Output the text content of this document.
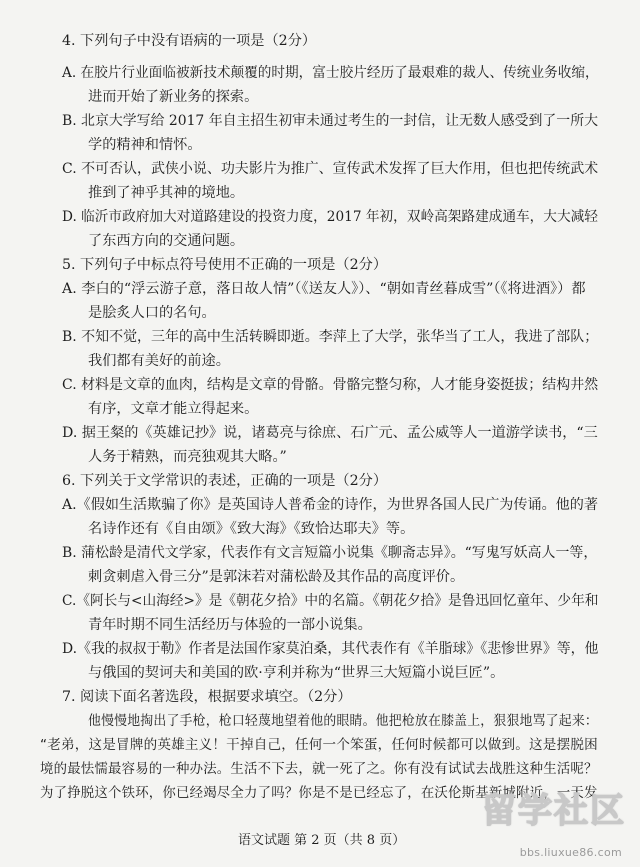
4. 下列句子中没有语病的一项是（2分）
A. 在胶片行业面临被新技术颠覆的时期，富士胶片经历了最艰难的裁人、传统业务收缩，
进而开始了新业务的探索。
B. 北京大学写给 2017 年自主招生初审未通过考生的一封信，让无数人感受到了一所大
学的精神和情怀。
C. 不可否认，武侠小说、功夫影片为推广、宣传武术发挥了巨大作用，但也把传统武术
推到了神乎其神的境地。
D. 临沂市政府加大对道路建设的投资力度，2017 年初，双岭高架路建成通车，大大减轻
了东西方向的交通问题。
5. 下列句子中标点符号使用不正确的一项是（2分）
A. 李白的“浮云游子意，落日故人情”（《送友人》）、“朝如青丝暮成雪”（《将进酒》）都
是脍炙人口的名句。
B. 不知不觉，三年的高中生活转瞬即逝。李萍上了大学，张华当了工人，我进了部队；
我们都有美好的前途。
C. 材料是文章的血肉，结构是文章的骨骼。骨骼完整匀称，人才能身姿挺拔；结构井然
有序，文章才能立得起来。
D. 据王粲的《英雄记抄》说，诸葛亮与徐庶、石广元、孟公威等人一道游学读书，“三
人务于精熟，而亮独观其大略。”
6. 下列关于文学常识的表述，正确的一项是（2分）
A.《假如生活欺骗了你》是英国诗人普希金的诗作，为世界各国人民广为传诵。他的著
名诗作还有《自由颂》《致大海》《致恰达耶夫》等。
B. 蒲松龄是清代文学家，代表作有文言短篇小说集《聊斋志异》。“写鬼写妖高人一等，
刺贪刺虐入骨三分”是郭沫若对蒲松龄及其作品的高度评价。
C.《阿长与<山海经>》是《朝花夕拾》中的名篇。《朝花夕拾》是鲁迅回忆童年、少年和
青年时期不同生活经历与体验的一部小说集。
D.《我的叔叔于勒》作者是法国作家莫泊桑，其代表作有《羊脂球》《悲惨世界》等，他
与俄国的契诃夫和美国的欧·亨利并称为“世界三大短篇小说巨匠”。
7. 阅读下面名著选段，根据要求填空。（2分）
他慢慢地掏出了手枪，枪口轻蔑地望着他的眼睛。他把枪放在膝盖上，狠狠地骂了起来：
“老弟，这是冒牌的英雄主义！干掉自己，任何一个笨蛋，任何时候都可以做到。这是摆脱困
境的最怯懦最容易的一种办法。生活不下去，就一死了之。你有没有试试去战胜这种生活呢？
为了挣脱这个铁环，你已经竭尽全力了吗？你是不是已经忘了，在沃伦斯基新城附近，一天发
语文试题 第 2 页（共 8 页）
留学社区
bbs.liuxue86.com
